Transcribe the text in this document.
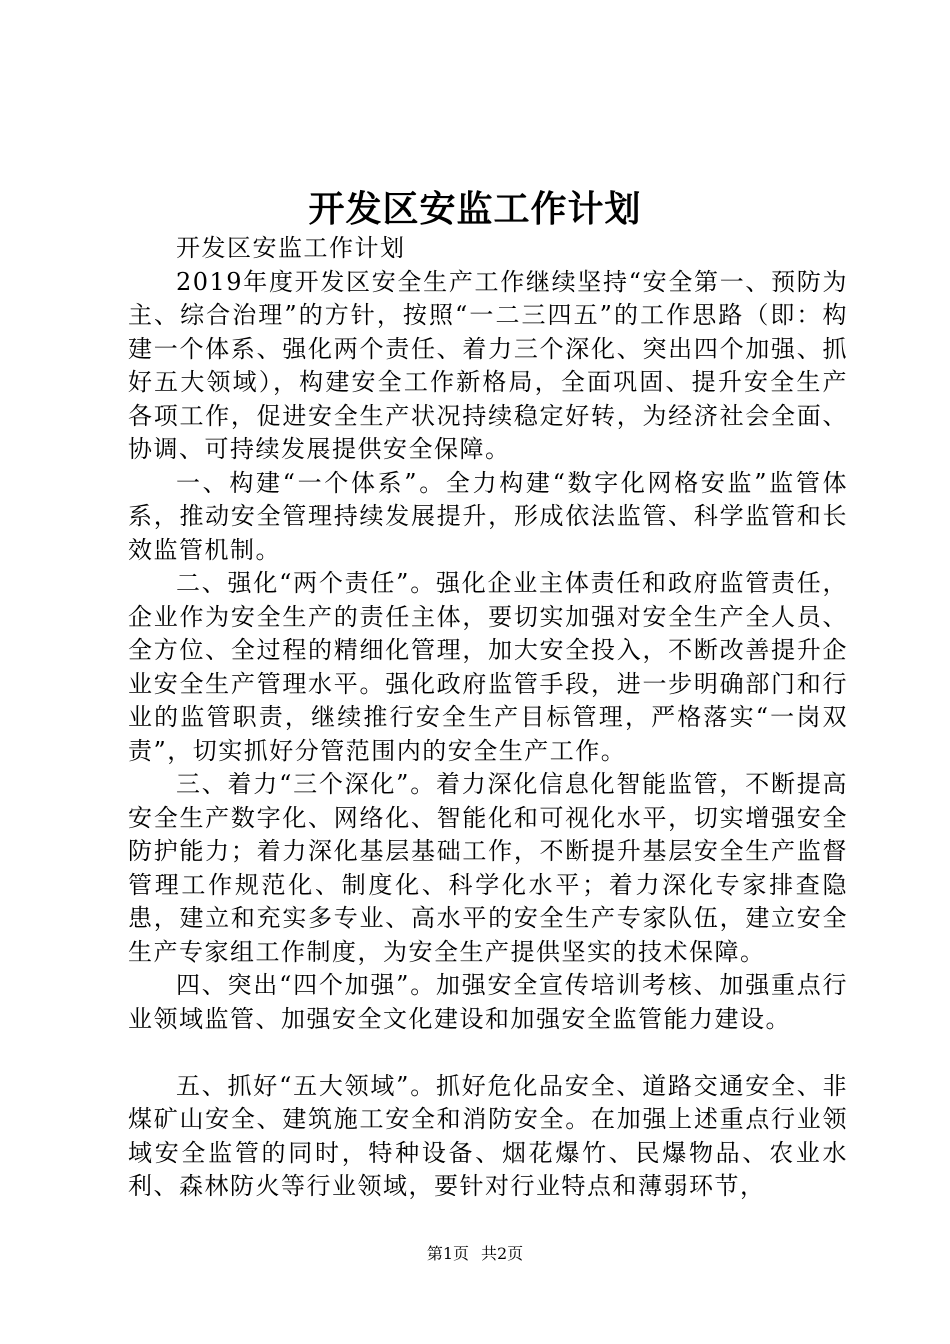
开发区安监工作计划

开发区安监工作计划

2019年度开发区安全生产工作继续坚持“安全第一、预防为主、综合治理”的方针，按照“一二三四五”的工作思路（即：构建一个体系、强化两个责任、着力三个深化、突出四个加强、抓好五大领域），构建安全工作新格局，全面巩固、提升安全生产各项工作，促进安全生产状况持续稳定好转，为经济社会全面、协调、可持续发展提供安全保障。

一、构建“一个体系”。全力构建“数字化网格安监”监管体系，推动安全管理持续发展提升，形成依法监管、科学监管和长效监管机制。

二、强化“两个责任”。强化企业主体责任和政府监管责任，企业作为安全生产的责任主体，要切实加强对安全生产全人员、全方位、全过程的精细化管理，加大安全投入，不断改善提升企业安全生产管理水平。强化政府监管手段，进一步明确部门和行业的监管职责，继续推行安全生产目标管理，严格落实“一岗双责”，切实抓好分管范围内的安全生产工作。

三、着力“三个深化”。着力深化信息化智能监管，不断提高安全生产数字化、网络化、智能化和可视化水平，切实增强安全防护能力；着力深化基层基础工作，不断提升基层安全生产监督管理工作规范化、制度化、科学化水平；着力深化专家排查隐患，建立和充实多专业、高水平的安全生产专家队伍，建立安全生产专家组工作制度，为安全生产提供坚实的技术保障。

四、突出“四个加强”。加强安全宣传培训考核、加强重点行业领域监管、加强安全文化建设和加强安全监管能力建设。

五、抓好“五大领域”。抓好危化品安全、道路交通安全、非煤矿山安全、建筑施工安全和消防安全。在加强上述重点行业领域安全监管的同时，特种设备、烟花爆竹、民爆物品、农业水利、森林防火等行业领域，要针对行业特点和薄弱环节，

第1页 共2页
